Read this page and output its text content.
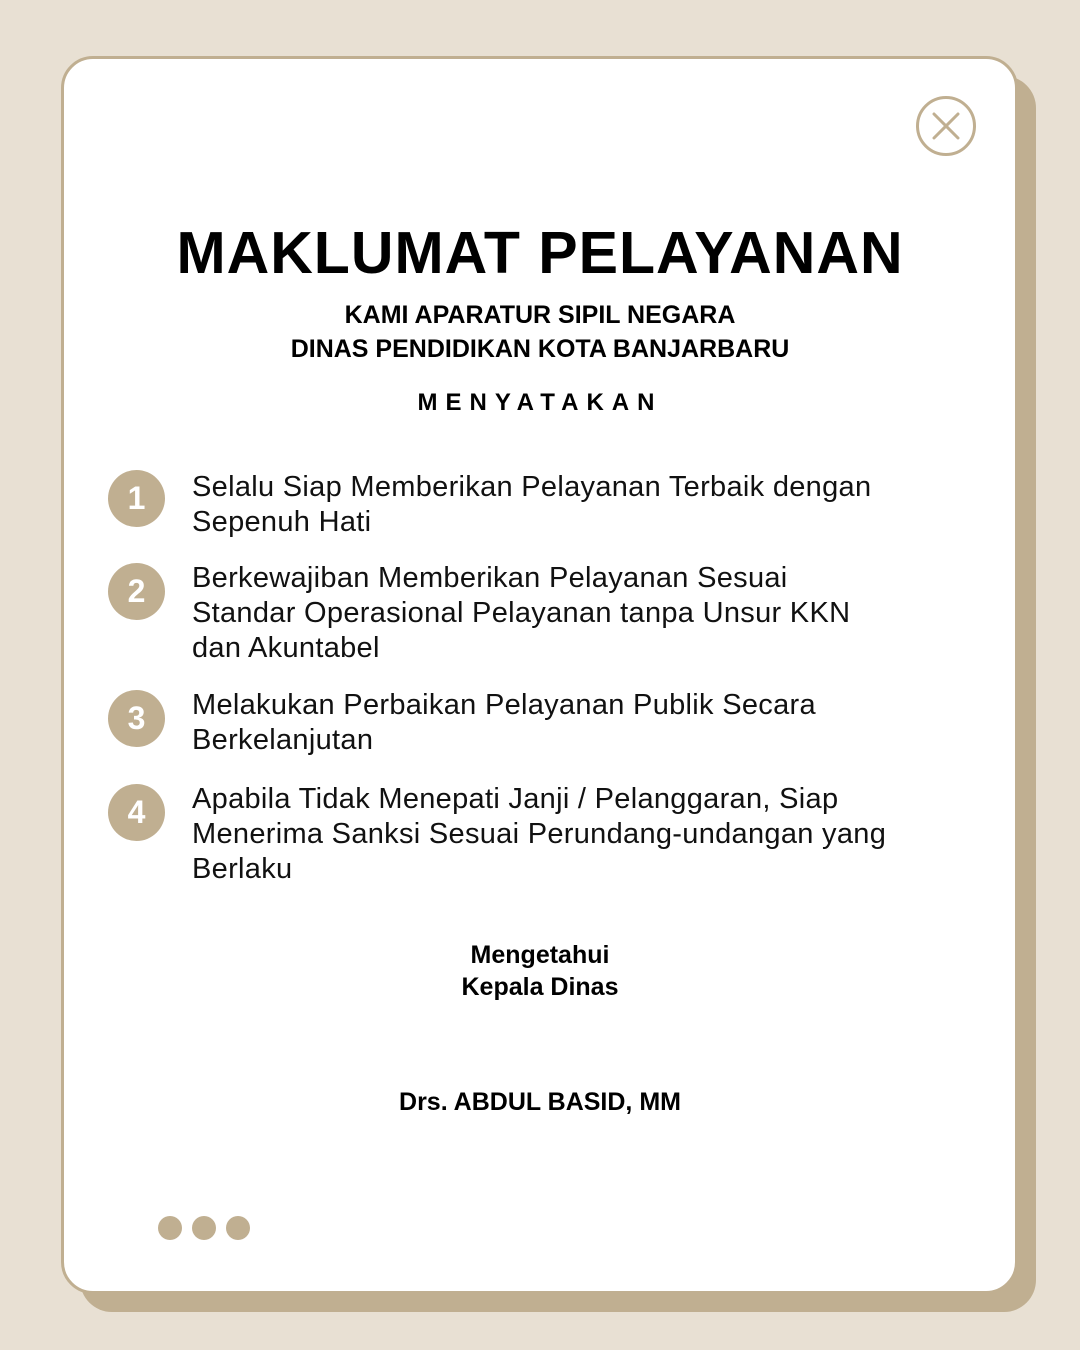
MAKLUMAT PELAYANAN
KAMI APARATUR SIPIL NEGARA
DINAS PENDIDIKAN KOTA BANJARBARU
MENYATAKAN
1	Selalu Siap Memberikan Pelayanan Terbaik dengan
Sepenuh Hati
2	Berkewajiban Memberikan Pelayanan Sesuai
Standar Operasional Pelayanan tanpa Unsur KKN
dan Akuntabel
3	Melakukan Perbaikan Pelayanan Publik Secara
Berkelanjutan
4	Apabila Tidak Menepati Janji / Pelanggaran, Siap
Menerima Sanksi Sesuai Perundang-undangan yang
Berlaku
Mengetahui
Kepala Dinas
Drs. ABDUL BASID, MM
